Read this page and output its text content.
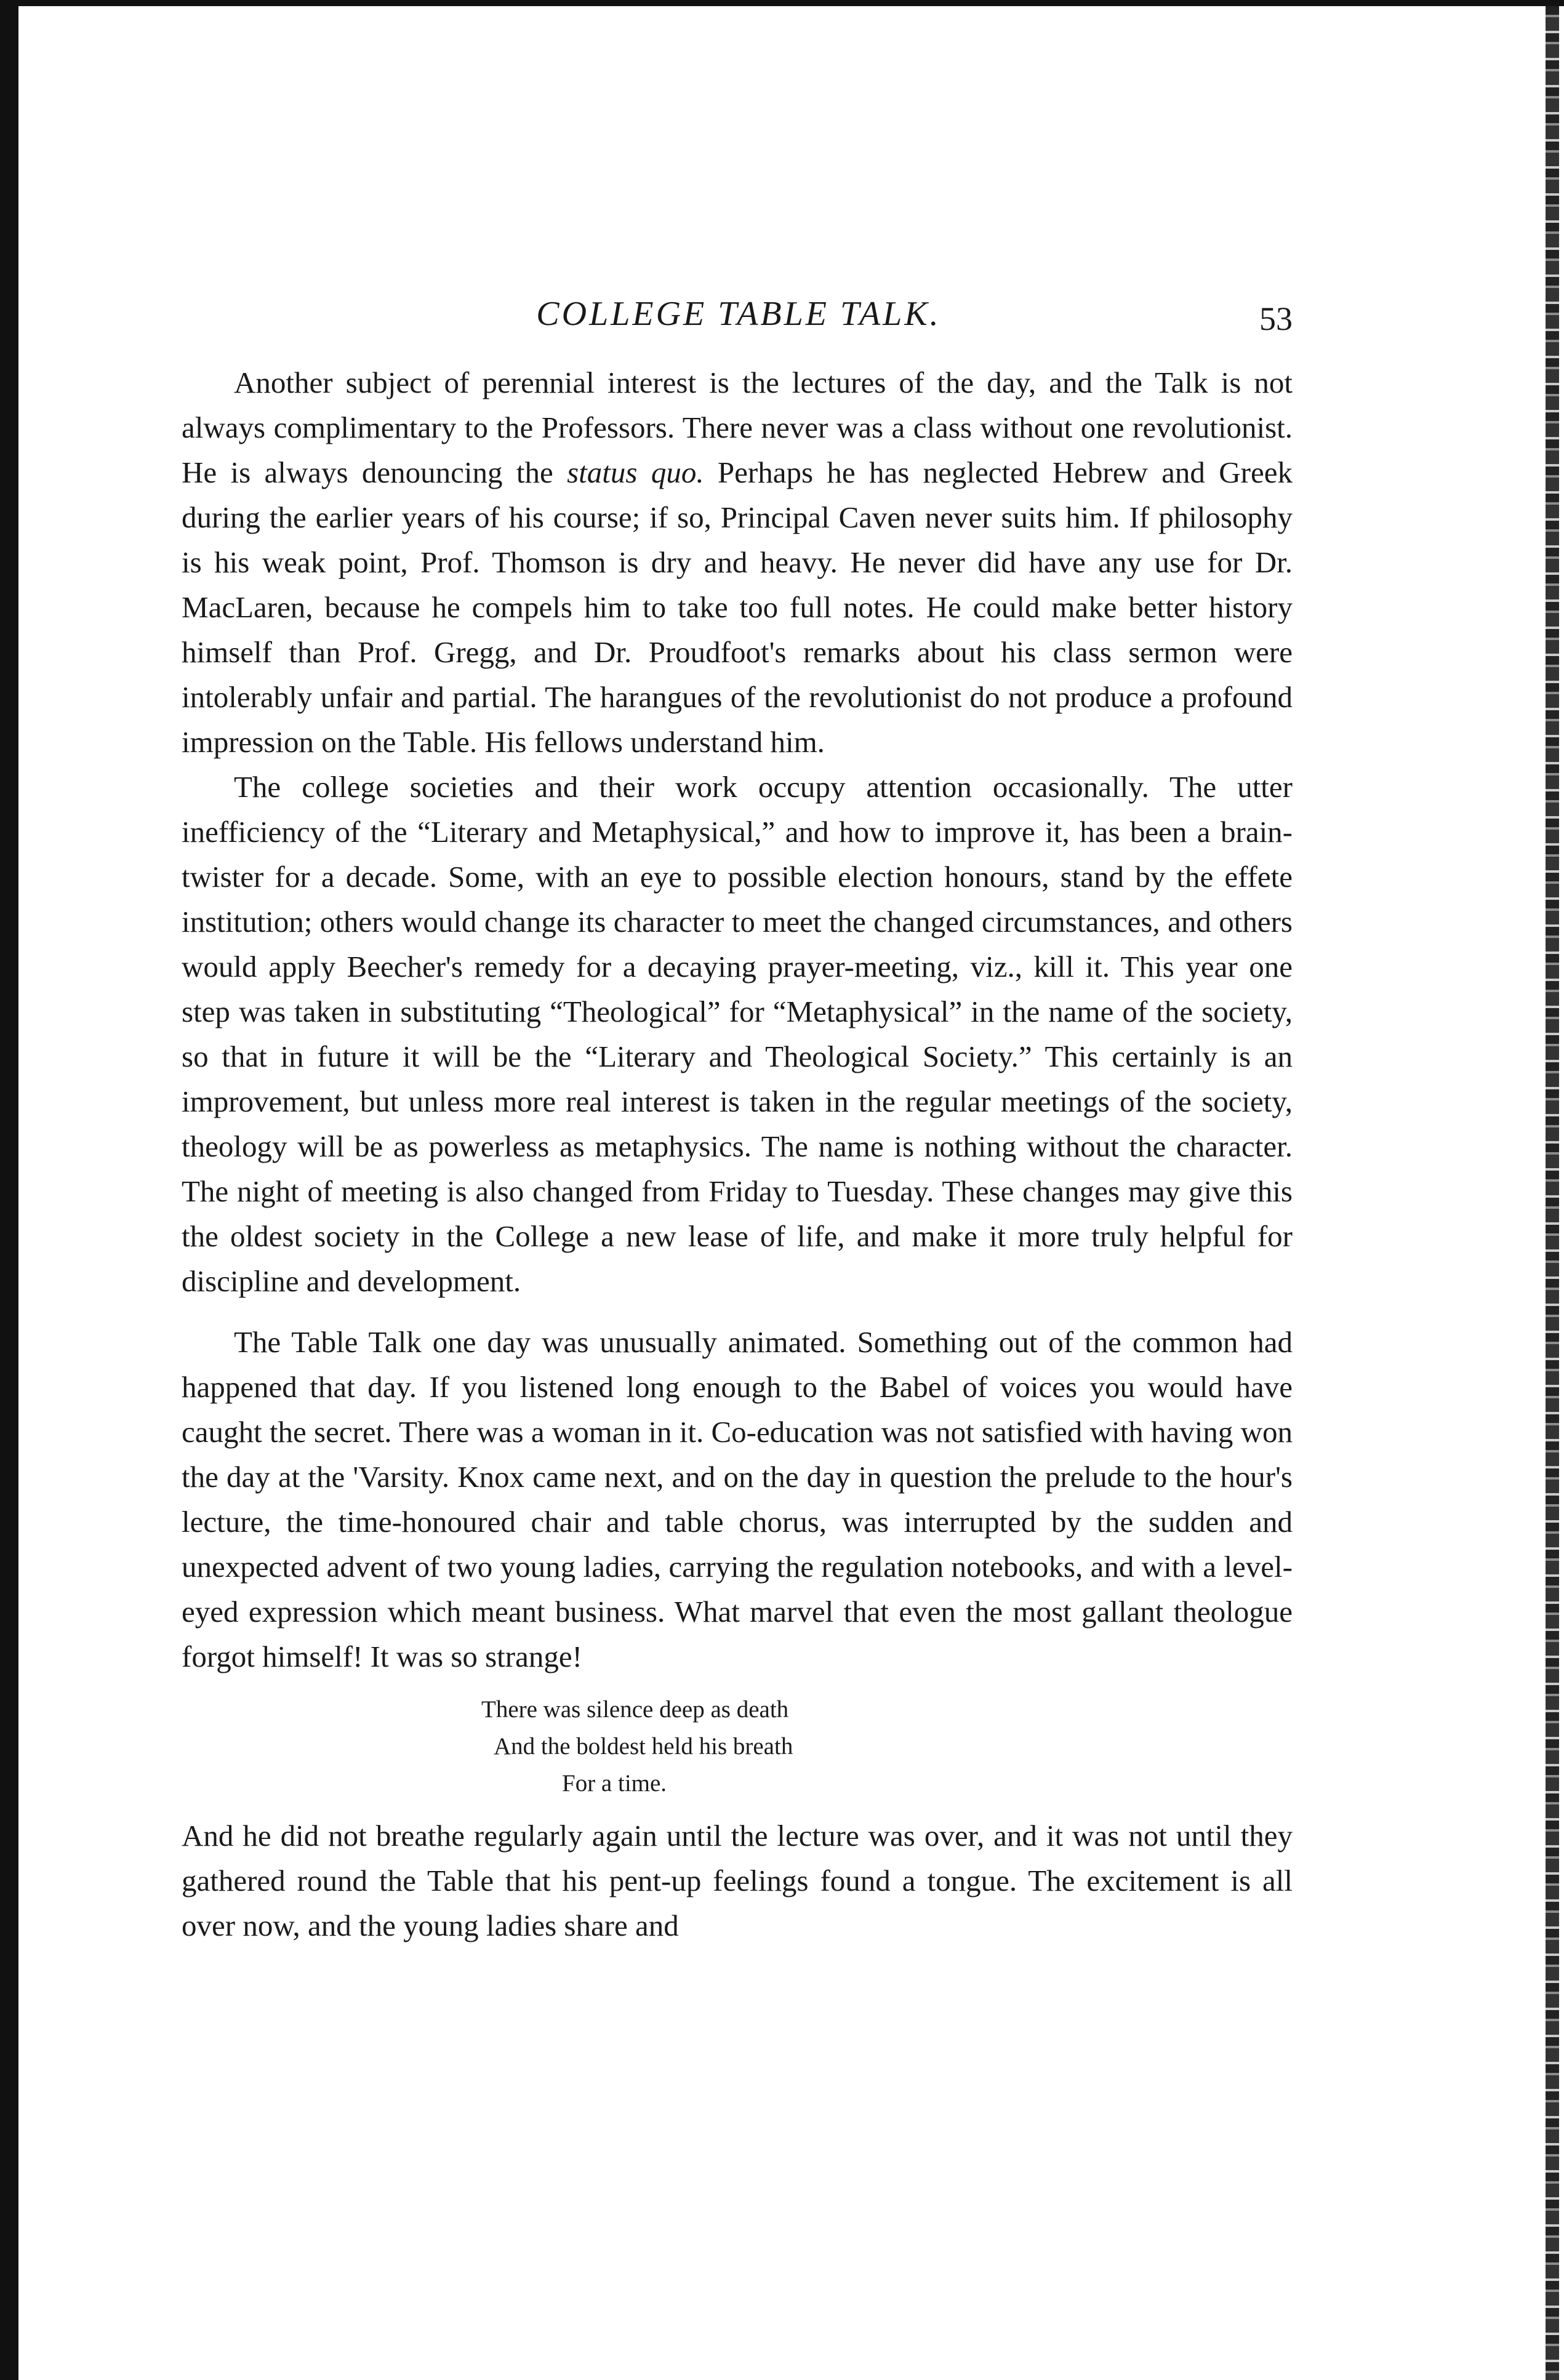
COLLEGE TABLE TALK.	53

Another subject of perennial interest is the lectures of the day, and the Talk is not always complimentary to the Professors. There never was a class without one revolutionist. He is always denouncing the status quo. Perhaps he has neglected Hebrew and Greek during the earlier years of his course; if so, Principal Caven never suits him. If philosophy is his weak point, Prof. Thomson is dry and heavy. He never did have any use for Dr. MacLaren, because he compels him to take too full notes. He could make better history himself than Prof. Gregg, and Dr. Proudfoot's remarks about his class sermon were intolerably unfair and partial. The harangues of the revolutionist do not produce a profound impression on the Table. His fellows understand him.

The college societies and their work occupy attention occasionally. The utter inefficiency of the “Literary and Metaphysical,” and how to improve it, has been a brain-twister for a decade. Some, with an eye to possible election honours, stand by the effete institution; others would change its character to meet the changed circumstances, and others would apply Beecher's remedy for a decaying prayer-meeting, viz., kill it. This year one step was taken in substituting “Theological” for “Metaphysical” in the name of the society, so that in future it will be the “Literary and Theological Society.” This certainly is an improvement, but unless more real interest is taken in the regular meetings of the society, theology will be as powerless as metaphysics. The name is nothing without the character. The night of meeting is also changed from Friday to Tuesday. These changes may give this the oldest society in the College a new lease of life, and make it more truly helpful for discipline and development.

The Table Talk one day was unusually animated. Something out of the common had happened that day. If you listened long enough to the Babel of voices you would have caught the secret. There was a woman in it. Co-education was not satisfied with having won the day at the 'Varsity. Knox came next, and on the day in question the prelude to the hour's lecture, the time-honoured chair and table chorus, was interrupted by the sudden and unexpected advent of two young ladies, carrying the regulation notebooks, and with a level-eyed expression which meant business. What marvel that even the most gallant theologue forgot himself! It was so strange!

There was silence deep as death
And the boldest held his breath
For a time.

And he did not breathe regularly again until the lecture was over, and it was not until they gathered round the Table that his pent-up feelings found a tongue. The excitement is all over now, and the young ladies share and
